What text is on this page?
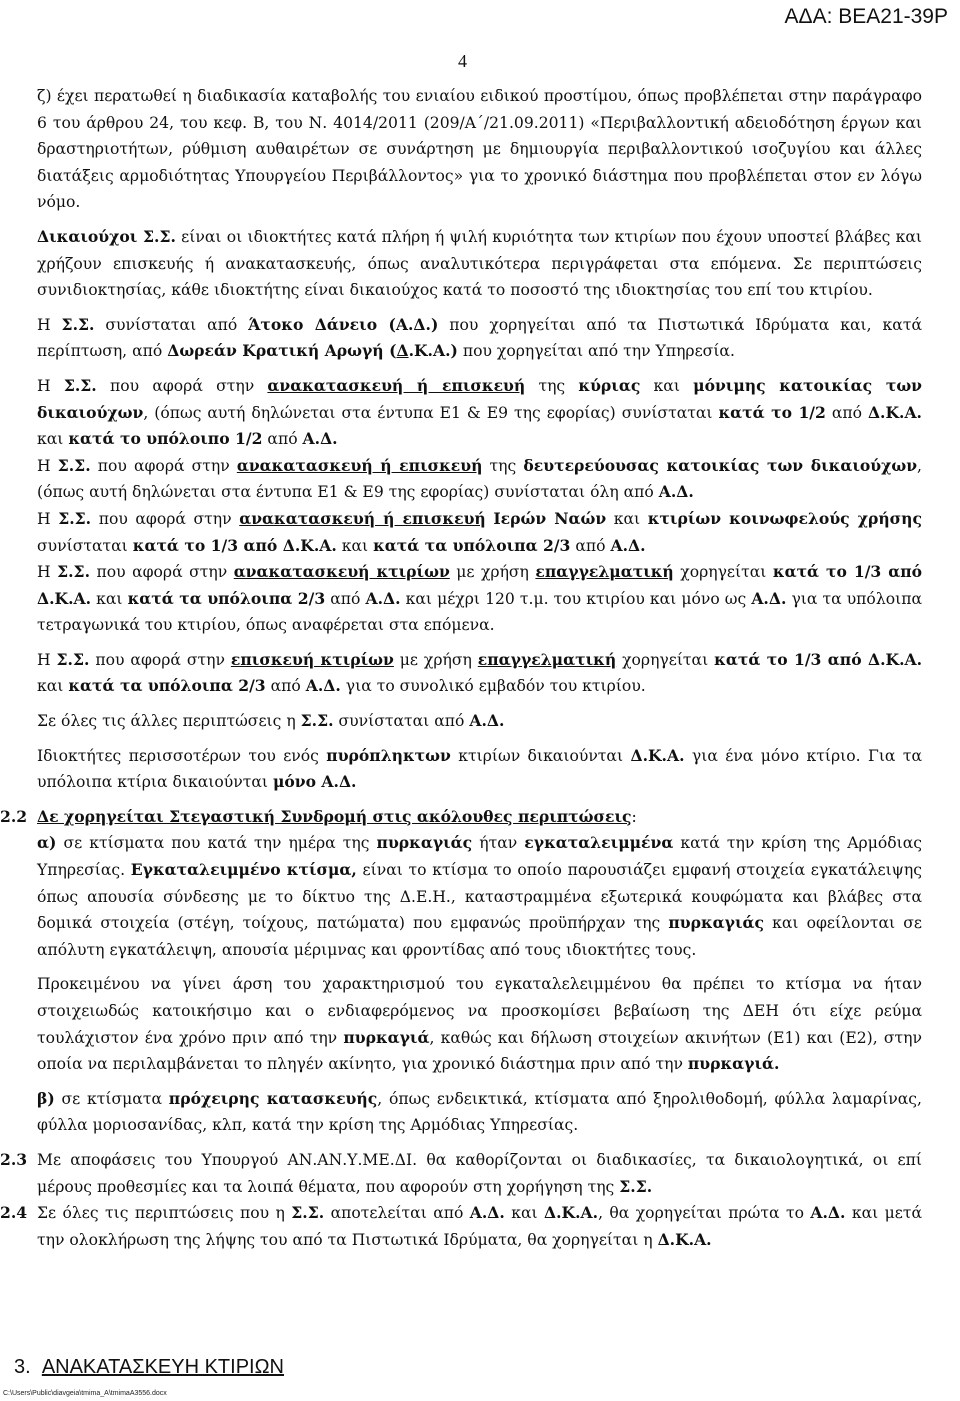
ΑΔΑ: ΒΕΑ21-39Ρ
4

ζ) έχει περατωθεί η διαδικασία καταβολής του ενιαίου ειδικού προστίμου, όπως προβλέπεται στην παράγραφο 6 του άρθρου 24, του κεφ. Β, του Ν. 4014/2011 (209/Α΄/21.09.2011) «Περιβαλλοντική αδειοδότηση έργων και δραστηριοτήτων, ρύθμιση αυθαιρέτων σε συνάρτηση με δημιουργία περιβαλλοντικού ισοζυγίου και άλλες διατάξεις αρμοδιότητας Υπουργείου Περιβάλλοντος» για το χρονικό διάστημα που προβλέπεται στον εν λόγω νόμο.

Δικαιούχοι Σ.Σ. είναι οι ιδιοκτήτες κατά πλήρη ή ψιλή κυριότητα των κτιρίων που έχουν υποστεί βλάβες και χρήζουν επισκευής ή ανακατασκευής, όπως αναλυτικότερα περιγράφεται στα επόμενα. Σε περιπτώσεις συνιδιοκτησίας, κάθε ιδιοκτήτης είναι δικαιούχος κατά το ποσοστό της ιδιοκτησίας του επί του κτιρίου.

Η Σ.Σ. συνίσταται από Άτοκο Δάνειο (Α.Δ.) που χορηγείται από τα Πιστωτικά Ιδρύματα και, κατά περίπτωση, από Δωρεάν Κρατική Αρωγή (Δ.Κ.Α.) που χορηγείται από την Υπηρεσία.

Η Σ.Σ. που αφορά στην ανακατασκευή ή επισκευή της κύριας και μόνιμης κατοικίας των δικαιούχων, (όπως αυτή δηλώνεται στα έντυπα Ε1 & Ε9 της εφορίας) συνίσταται κατά το 1/2 από Δ.Κ.Α. και κατά το υπόλοιπο 1/2 από Α.Δ.

Η Σ.Σ. που αφορά στην ανακατασκευή ή επισκευή της δευτερεύουσας κατοικίας των δικαιούχων, (όπως αυτή δηλώνεται στα έντυπα Ε1 & Ε9 της εφορίας) συνίσταται όλη από Α.Δ.

Η Σ.Σ. που αφορά στην ανακατασκευή ή επισκευή Ιερών Ναών και κτιρίων κοινωφελούς χρήσης συνίσταται κατά το 1/3 από Δ.Κ.Α. και κατά τα υπόλοιπα 2/3 από Α.Δ.

Η Σ.Σ. που αφορά στην ανακατασκευή κτιρίων με χρήση επαγγελματική χορηγείται κατά το 1/3 από Δ.Κ.Α. και κατά τα υπόλοιπα 2/3 από Α.Δ. και μέχρι 120 τ.μ. του κτιρίου και μόνο ως Α.Δ. για τα υπόλοιπα τετραγωνικά του κτιρίου, όπως αναφέρεται στα επόμενα.

Η Σ.Σ. που αφορά στην επισκευή κτιρίων με χρήση επαγγελματική χορηγείται κατά το 1/3 από Δ.Κ.Α. και κατά τα υπόλοιπα 2/3 από Α.Δ. για το συνολικό εμβαδόν του κτιρίου.

Σε όλες τις άλλες περιπτώσεις η Σ.Σ. συνίσταται από Α.Δ.

Ιδιοκτήτες περισσοτέρων του ενός πυρόπληκτων κτιρίων δικαιούνται Δ.Κ.Α. για ένα μόνο κτίριο. Για τα υπόλοιπα κτίρια δικαιούνται μόνο Α.Δ.

2.2 Δε χορηγείται Στεγαστική Συνδρομή στις ακόλουθες περιπτώσεις:

α) σε κτίσματα που κατά την ημέρα της πυρκαγιάς ήταν εγκαταλειμμένα κατά την κρίση της Αρμόδιας Υπηρεσίας. Εγκαταλειμμένο κτίσμα, είναι το κτίσμα το οποίο παρουσιάζει εμφανή στοιχεία εγκατάλειψης όπως απουσία σύνδεσης με το δίκτυο της Δ.Ε.Η., καταστραμμένα εξωτερικά κουφώματα και βλάβες στα δομικά στοιχεία (στέγη, τοίχους, πατώματα) που εμφανώς προϋπήρχαν της πυρκαγιάς και οφείλονται σε απόλυτη εγκατάλειψη, απουσία μέριμνας και φροντίδας από τους ιδιοκτήτες τους.

Προκειμένου να γίνει άρση του χαρακτηρισμού του εγκαταλελειμμένου θα πρέπει το κτίσμα να ήταν στοιχειωδώς κατοικήσιμο και ο ενδιαφερόμενος να προσκομίσει βεβαίωση της ΔΕΗ ότι είχε ρεύμα τουλάχιστον ένα χρόνο πριν από την πυρκαγιά, καθώς και δήλωση στοιχείων ακινήτων (Ε1) και (Ε2), στην οποία να περιλαμβάνεται το πληγέν ακίνητο, για χρονικό διάστημα πριν από την πυρκαγιά.

β) σε κτίσματα πρόχειρης κατασκευής, όπως ενδεικτικά, κτίσματα από ξηρολιθοδομή, φύλλα λαμαρίνας, φύλλα μοριοσανίδας, κλπ, κατά την κρίση της Αρμόδιας Υπηρεσίας.

2.3 Με αποφάσεις του Υπουργού ΑΝ.ΑΝ.Υ.ΜΕ.ΔΙ. θα καθορίζονται οι διαδικασίες, τα δικαιολογητικά, οι επί μέρους προθεσμίες και τα λοιπά θέματα, που αφορούν στη χορήγηση της Σ.Σ.

2.4 Σε όλες τις περιπτώσεις που η Σ.Σ. αποτελείται από Α.Δ. και Δ.Κ.Α., θα χορηγείται πρώτα το Α.Δ. και μετά την ολοκλήρωση της λήψης του από τα Πιστωτικά Ιδρύματα, θα χορηγείται η Δ.Κ.Α.

3. ΑΝΑΚΑΤΑΣΚΕΥΗ ΚΤΙΡΙΩΝ
C:\Users\Public\diavgeia\tmima_A\tmimaA3556.docx
